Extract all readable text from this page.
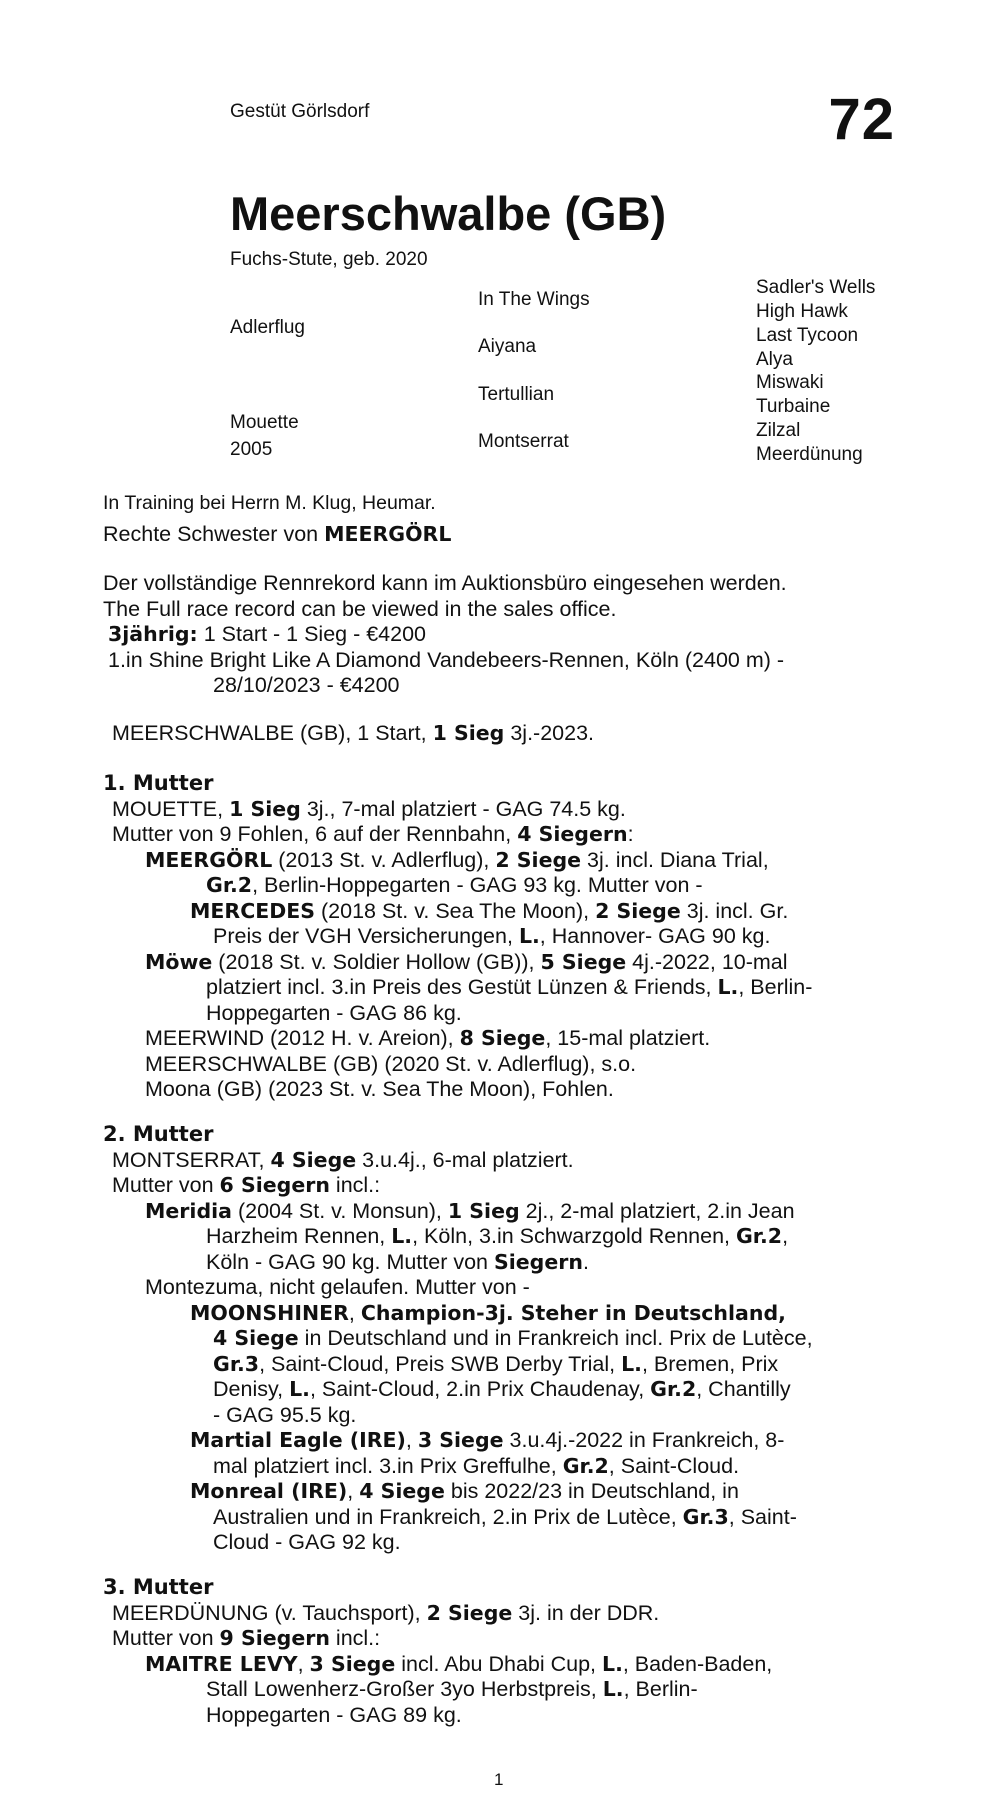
Gestüt Görlsdorf	72
Meerschwalbe (GB)
Fuchs-Stute, geb. 2020
Adlerflug
Mouette
2005
In The Wings
Aiyana
Tertullian
Montserrat
Sadler's Wells
High Hawk
Last Tycoon
Alya
Miswaki
Turbaine
Zilzal
Meerdünung
In Training bei Herrn M. Klug, Heumar.
Rechte Schwester von MEERGÖRL
Der vollständige Rennrekord kann im Auktionsbüro eingesehen werden.
The Full race record can be viewed in the sales office.
3jährig: 1 Start - 1 Sieg - €4200
1.in Shine Bright Like A Diamond Vandebeers-Rennen, Köln (2400 m) -
28/10/2023 - €4200
MEERSCHWALBE (GB), 1 Start, 1 Sieg 3j.-2023.
1. Mutter
MOUETTE, 1 Sieg 3j., 7-mal platziert - GAG 74.5 kg.
Mutter von 9 Fohlen, 6 auf der Rennbahn, 4 Siegern:
MEERGÖRL (2013 St. v. Adlerflug), 2 Siege 3j. incl. Diana Trial,
Gr.2, Berlin-Hoppegarten - GAG 93 kg. Mutter von -
MERCEDES (2018 St. v. Sea The Moon), 2 Siege 3j. incl. Gr.
Preis der VGH Versicherungen, L., Hannover- GAG 90 kg.
Möwe (2018 St. v. Soldier Hollow (GB)), 5 Siege 4j.-2022, 10-mal
platziert incl. 3.in Preis des Gestüt Lünzen & Friends, L., Berlin-
Hoppegarten - GAG 86 kg.
MEERWIND (2012 H. v. Areion), 8 Siege, 15-mal platziert.
MEERSCHWALBE (GB) (2020 St. v. Adlerflug), s.o.
Moona (GB) (2023 St. v. Sea The Moon), Fohlen.
2. Mutter
MONTSERRAT, 4 Siege 3.u.4j., 6-mal platziert.
Mutter von 6 Siegern incl.:
Meridia (2004 St. v. Monsun), 1 Sieg 2j., 2-mal platziert, 2.in Jean
Harzheim Rennen, L., Köln, 3.in Schwarzgold Rennen, Gr.2,
Köln - GAG 90 kg. Mutter von Siegern.
Montezuma, nicht gelaufen. Mutter von -
MOONSHINER, Champion-3j. Steher in Deutschland,
4 Siege in Deutschland und in Frankreich incl. Prix de Lutèce,
Gr.3, Saint-Cloud, Preis SWB Derby Trial, L., Bremen, Prix
Denisy, L., Saint-Cloud, 2.in Prix Chaudenay, Gr.2, Chantilly
- GAG 95.5 kg.
Martial Eagle (IRE), 3 Siege 3.u.4j.-2022 in Frankreich, 8-
mal platziert incl. 3.in Prix Greffulhe, Gr.2, Saint-Cloud.
Monreal (IRE), 4 Siege bis 2022/23 in Deutschland, in
Australien und in Frankreich, 2.in Prix de Lutèce, Gr.3, Saint-
Cloud - GAG 92 kg.
3. Mutter
MEERDÜNUNG (v. Tauchsport), 2 Siege 3j. in der DDR.
Mutter von 9 Siegern incl.:
MAITRE LEVY, 3 Siege incl. Abu Dhabi Cup, L., Baden-Baden,
Stall Lowenherz-Großer 3yo Herbstpreis, L., Berlin-
Hoppegarten - GAG 89 kg.
1
